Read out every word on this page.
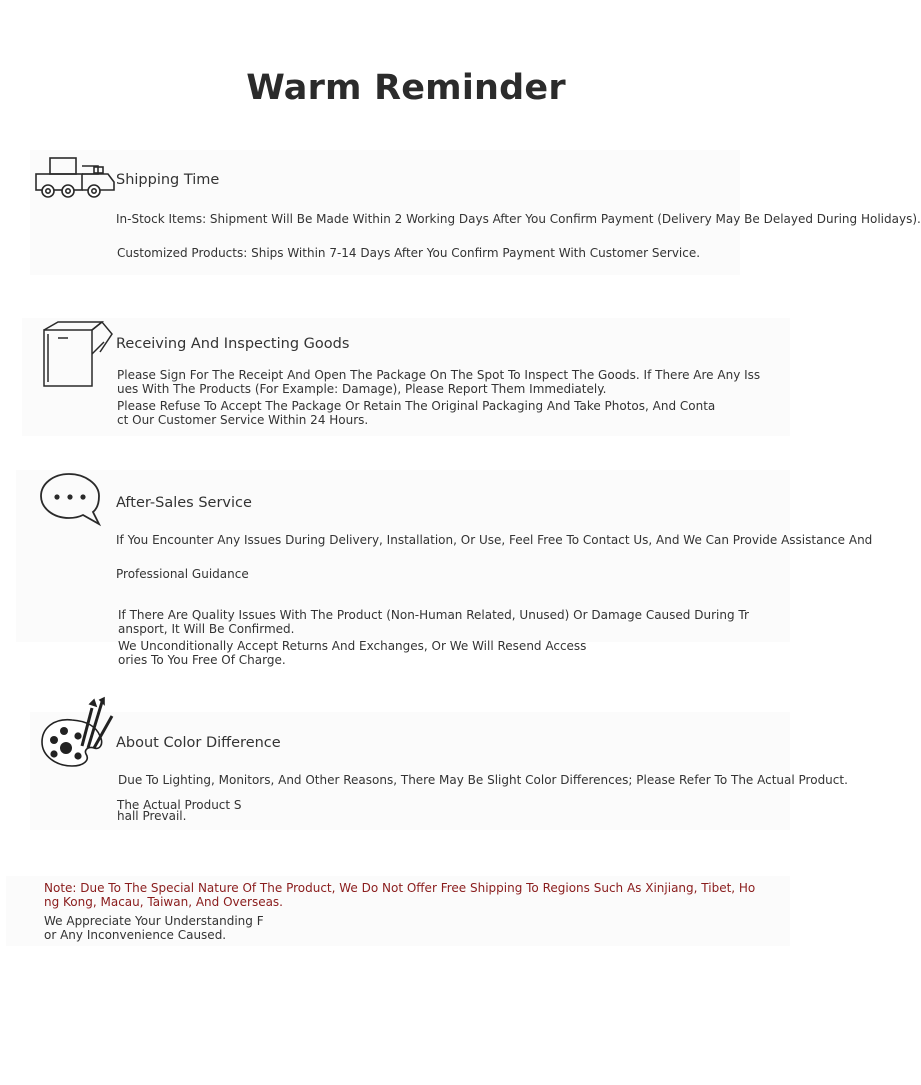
Warm Reminder
Shipping Time

In-Stock Items: Shipment Will Be Made Within 2 Working Days After You Confirm Payment (Delivery May Be Delayed During Holidays).

Customized Products: Ships Within 7-14 Days After You Confirm Payment With Customer Service.

Receiving And Inspecting Goods

Please Sign For The Receipt And Open The Package On The Spot To Inspect The Goods. If There Are Any Issues With The Products (For Example: Damage), Please Report Them Immediately.

Please Refuse To Accept The Package Or Retain The Original Packaging And Take Photos, And Contact Our Customer Service Within 24 Hours.

After-Sales Service

If You Encounter Any Issues During Delivery, Installation, Or Use, Feel Free To Contact Us, And We Can Provide Assistance And

Professional Guidance

If There Are Quality Issues With The Product (Non-Human Related, Unused) Or Damage Caused During Transport, It Will Be Confirmed.

We Unconditionally Accept Returns And Exchanges, Or We Will Resend Accessories To You Free Of Charge.

About Color Difference

Due To Lighting, Monitors, And Other Reasons, There May Be Slight Color Differences; Please Refer To The Actual Product.

The Actual Product Shall Prevail.

Note: Due To The Special Nature Of The Product, We Do Not Offer Free Shipping To Regions Such As Xinjiang, Tibet, Hong Kong, Macau, Taiwan, And Overseas.

We Appreciate Your Understanding For Any Inconvenience Caused.
